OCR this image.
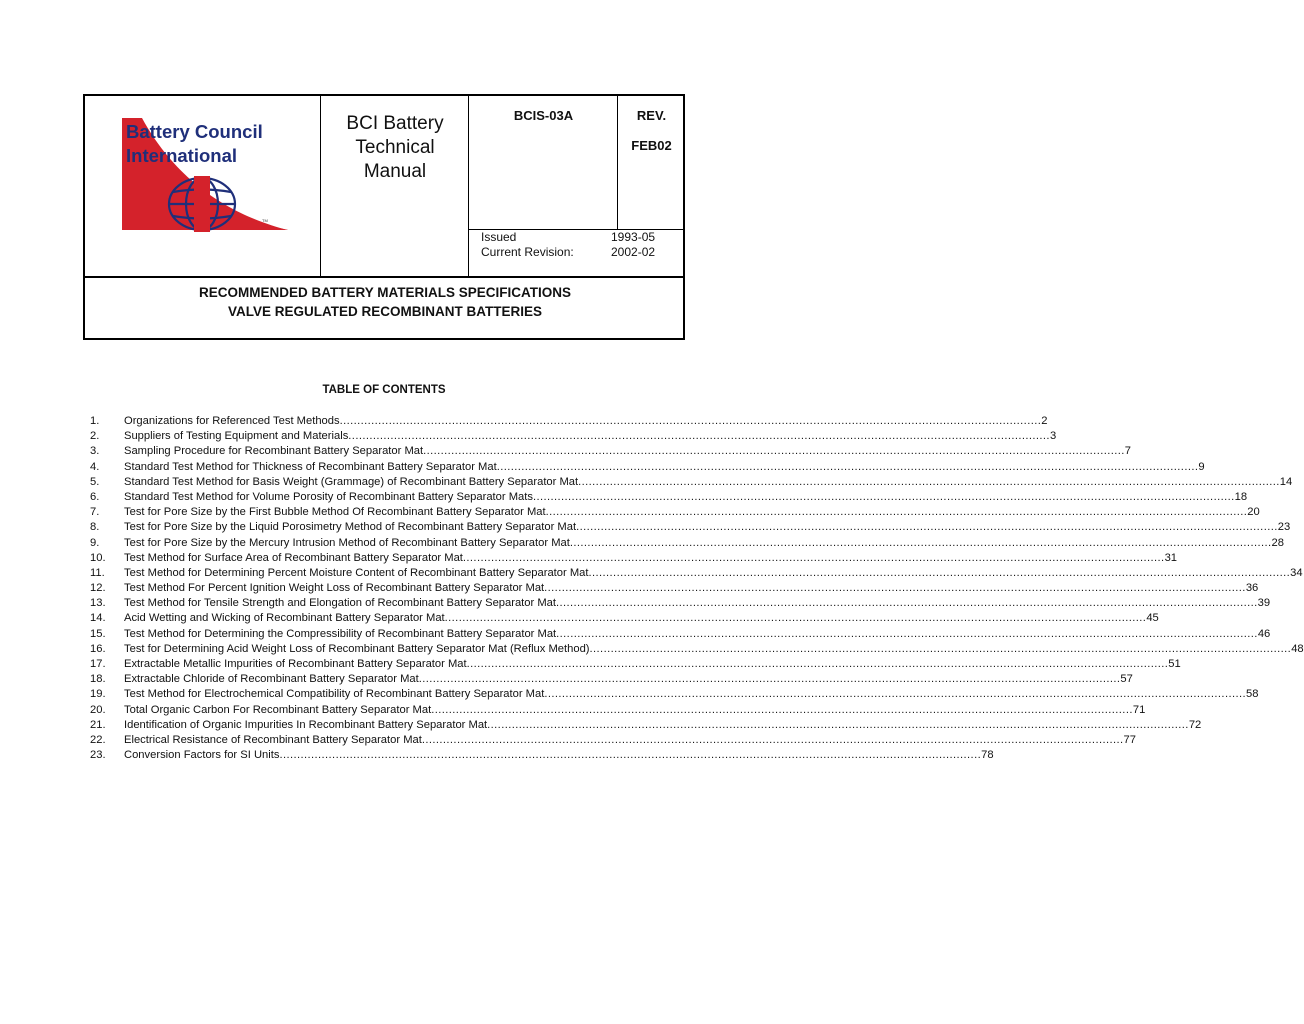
Battery Council
International
TM
BCI Battery
Technical
Manual
BCIS-03A	REV.
FEB02
Issued	1993-05
Current Revision:	2002-02
RECOMMENDED BATTERY MATERIALS SPECIFICATIONS
VALVE REGULATED RECOMBINANT BATTERIES
TABLE OF CONTENTS
1. Organizations for Referenced Test Methods ........................................................................................................................................................................................................ 2
2. Suppliers of Testing Equipment and Materials ........................................................................................................................................................................................................ 3
3. Sampling Procedure for Recombinant Battery Separator Mat ........................................................................................................................................................................................................ 7
4. Standard Test Method for Thickness of Recombinant Battery Separator Mat ........................................................................................................................................................................................................ 9
5. Standard Test Method for Basis Weight (Grammage) of Recombinant Battery Separator Mat ........................................................................................................................................................................................................ 14
6. Standard Test Method for Volume Porosity of Recombinant Battery Separator Mats ........................................................................................................................................................................................................ 18
7. Test for Pore Size by the First Bubble Method Of Recombinant Battery Separator Mat ........................................................................................................................................................................................................ 20
8. Test for Pore Size by the Liquid Porosimetry Method of Recombinant Battery Separator Mat ........................................................................................................................................................................................................ 23
9. Test for Pore Size by the Mercury Intrusion Method of Recombinant Battery Separator Mat ........................................................................................................................................................................................................ 28
10. Test Method for Surface Area of Recombinant Battery Separator Mat ........................................................................................................................................................................................................ 31
11. Test Method for Determining Percent Moisture Content of Recombinant Battery Separator Mat ........................................................................................................................................................................................................ 34
12. Test Method For Percent Ignition Weight Loss of Recombinant Battery Separator Mat ........................................................................................................................................................................................................ 36
13. Test Method for Tensile Strength and Elongation of Recombinant Battery Separator Mat ........................................................................................................................................................................................................ 39
14. Acid Wetting and Wicking of Recombinant Battery Separator Mat ........................................................................................................................................................................................................ 45
15. Test Method for Determining the Compressibility of Recombinant Battery Separator Mat ........................................................................................................................................................................................................ 46
16. Test for Determining Acid Weight Loss of Recombinant Battery Separator Mat (Reflux Method) ........................................................................................................................................................................................................ 48
17. Extractable Metallic Impurities of Recombinant Battery Separator Mat ........................................................................................................................................................................................................ 51
18. Extractable Chloride of Recombinant Battery Separator Mat ........................................................................................................................................................................................................ 57
19. Test Method for Electrochemical Compatibility of Recombinant Battery Separator Mat ........................................................................................................................................................................................................ 58
20. Total Organic Carbon For Recombinant Battery Separator Mat ........................................................................................................................................................................................................ 71
21. Identification of Organic Impurities In Recombinant Battery Separator Mat ........................................................................................................................................................................................................ 72
22. Electrical Resistance of Recombinant Battery Separator Mat ........................................................................................................................................................................................................ 77
23. Conversion Factors for SI Units ........................................................................................................................................................................................................ 78
